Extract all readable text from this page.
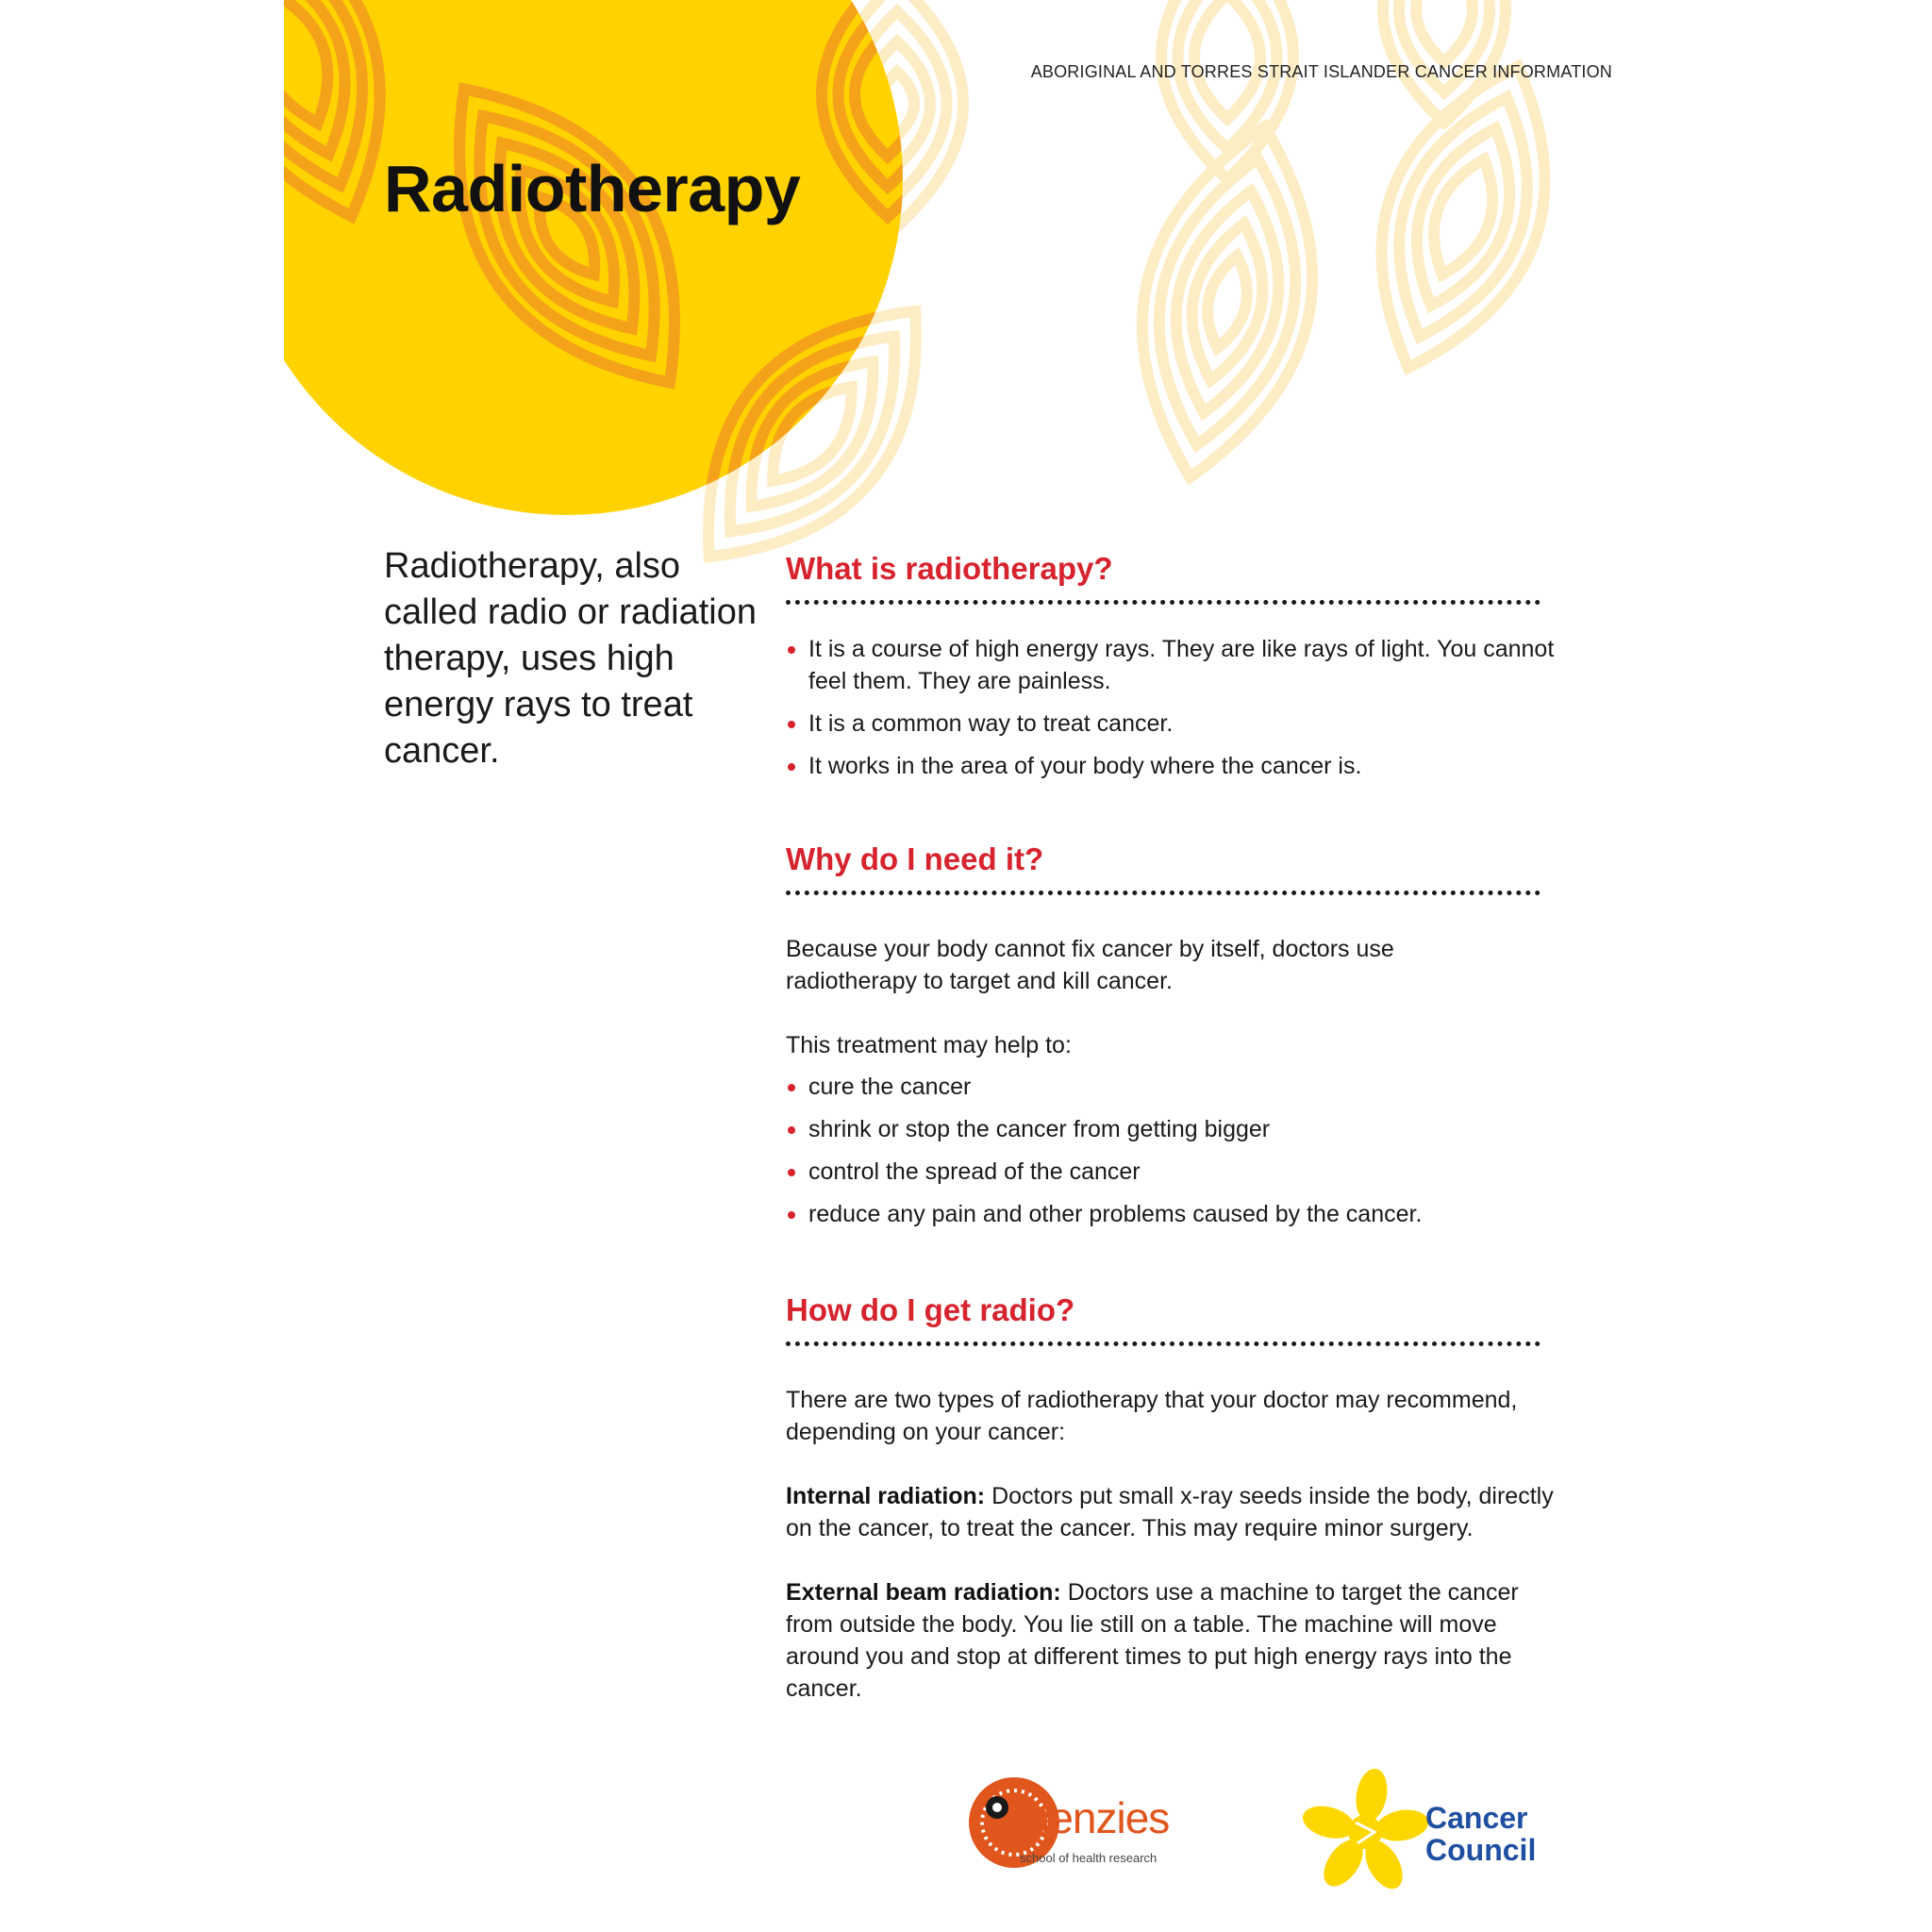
ABORIGINAL AND TORRES STRAIT ISLANDER CANCER INFORMATION

Radiotherapy

Radiotherapy, also called radio or radiation therapy, uses high energy rays to treat cancer.

What is radiotherapy?
It is a course of high energy rays. They are like rays of light. You cannot feel them. They are painless.
It is a common way to treat cancer.
It works in the area of your body where the cancer is.
Why do I need it?

Because your body cannot fix cancer by itself, doctors use radiotherapy to target and kill cancer.

This treatment may help to:

cure the cancer
shrink or stop the cancer from getting bigger
control the spread of the cancer
reduce any pain and other problems caused by the cancer.
How do I get radio?

There are two types of radiotherapy that your doctor may recommend, depending on your cancer:

Internal radiation: Doctors put small x-ray seeds inside the body, directly on the cancer, to treat the cancer. This may require minor surgery.

External beam radiation: Doctors use a machine to target the cancer from outside the body. You lie still on a table. The machine will move around you and stop at different times to put high energy rays into the cancer.

menzies

school of health research

Cancer

Council
